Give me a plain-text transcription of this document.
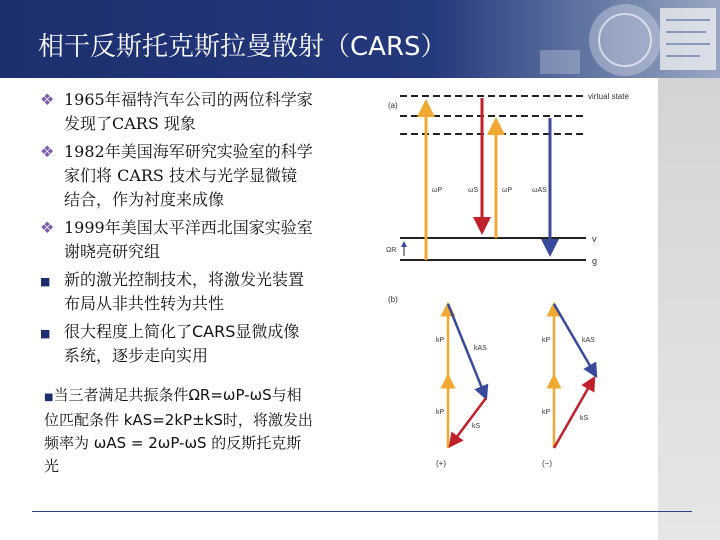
相干反斯托克斯拉曼散射（CARS）
❖ 1965年福特汽车公司的两位科学家
发现了CARS 现象
❖ 1982年美国海军研究实验室的科学
家们将 CARS 技术与光学显微镜
结合，作为衬度来成像
❖ 1999年美国太平洋西北国家实验室
谢晓亮研究组
■ 新的激光控制技术，将激发光装置
布局从非共性转为共性
■ 很大程度上简化了CARS显微成像
系统，逐步走向实用
■当三者满足共振条件ΩR=ωP-ωS与相
位匹配条件 kAS=2kP±kS时，将激发出
频率为 ωAS = 2ωP-ωS 的反斯托克斯
光
(a)
virtual state
v
g
ΩR
ωP	ωS	ωP	ωAS
(b)
kP
kP
kAS
kS
(+)
kP
kP
kAS
kS
(−)
